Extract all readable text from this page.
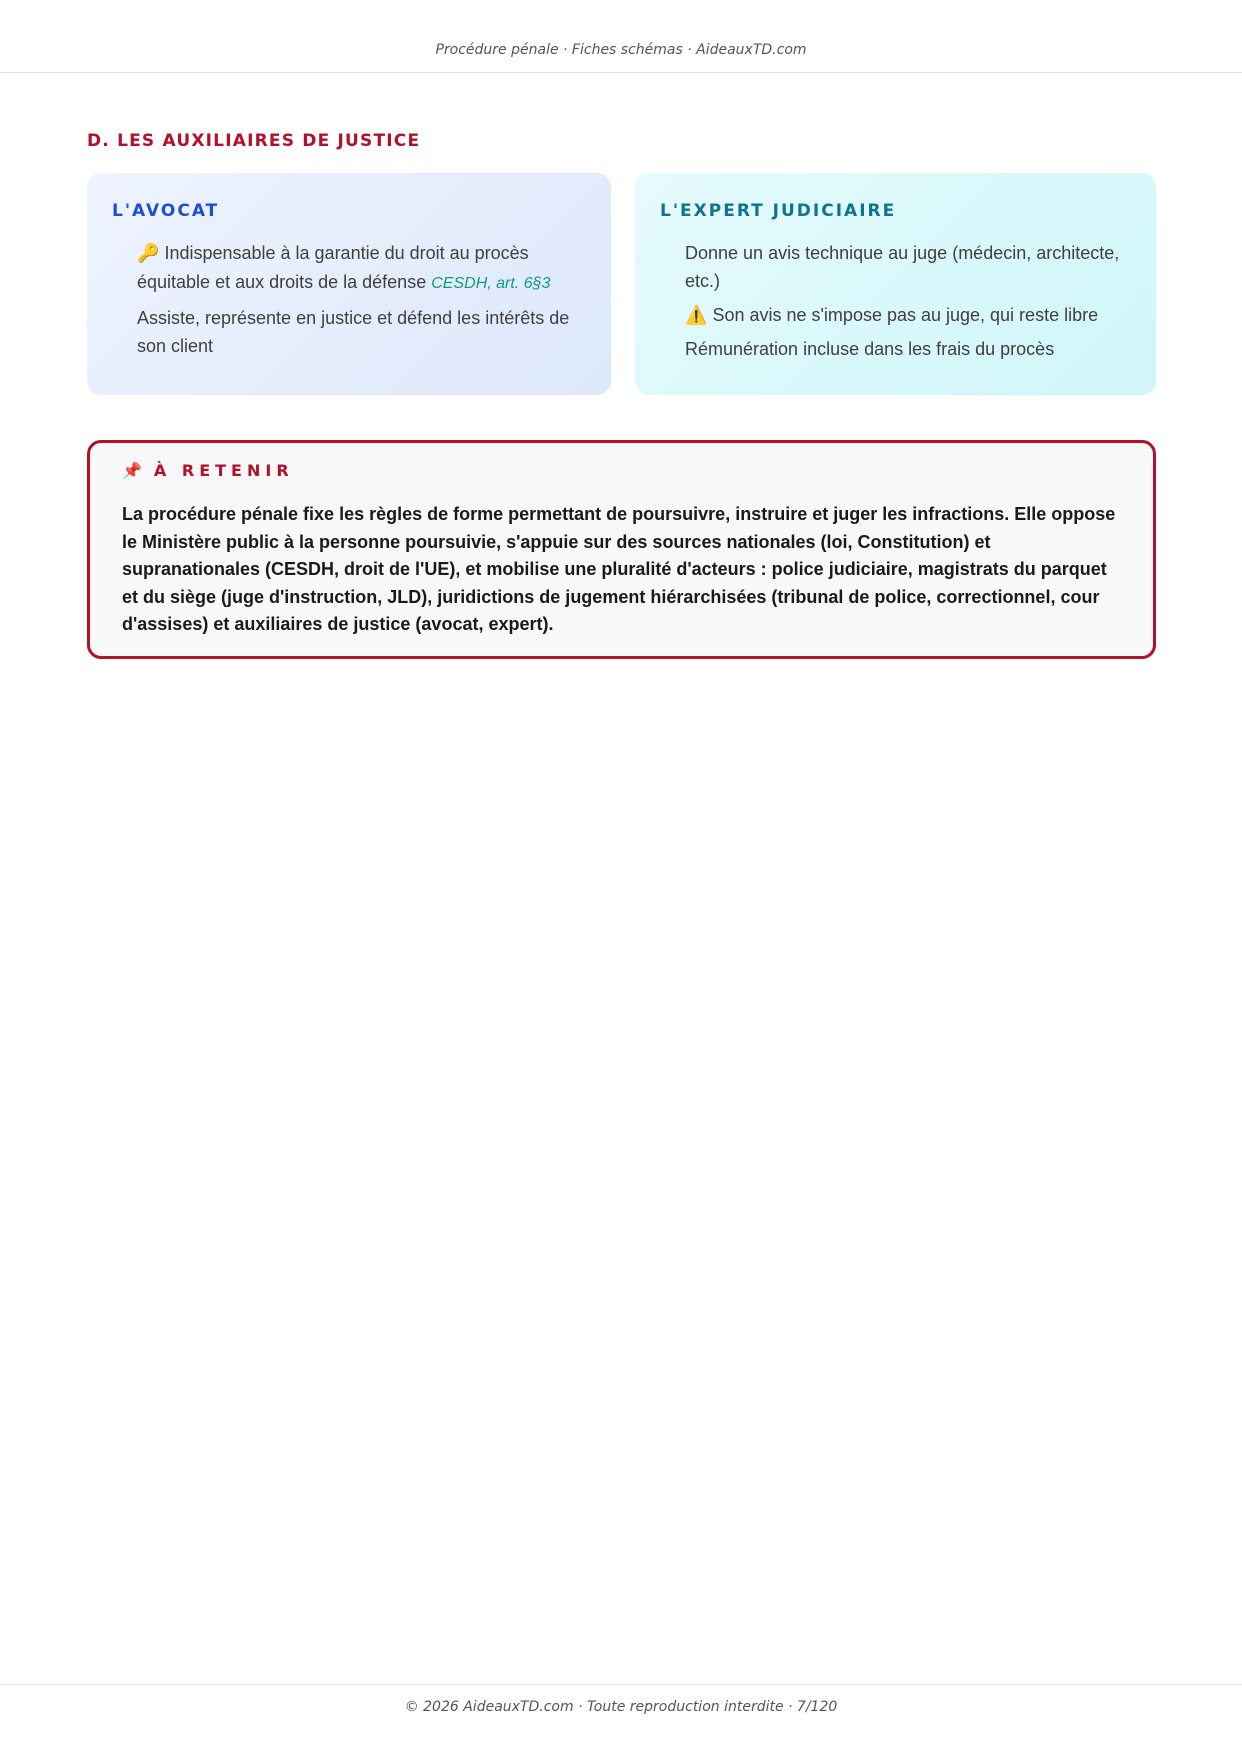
Procédure pénale · Fiches schémas · AideauxTD.com
D. LES AUXILIAIRES DE JUSTICE
L'AVOCAT
🔑 Indispensable à la garantie du droit au procès équitable et aux droits de la défense CESDH, art. 6§3
Assiste, représente en justice et défend les intérêts de son client
L'EXPERT JUDICIAIRE
Donne un avis technique au juge (médecin, architecte, etc.)
⚠️ Son avis ne s'impose pas au juge, qui reste libre
Rémunération incluse dans les frais du procès
📌 À RETENIR

La procédure pénale fixe les règles de forme permettant de poursuivre, instruire et juger les infractions. Elle oppose le Ministère public à la personne poursuivie, s'appuie sur des sources nationales (loi, Constitution) et supranationales (CESDH, droit de l'UE), et mobilise une pluralité d'acteurs : police judiciaire, magistrats du parquet et du siège (juge d'instruction, JLD), juridictions de jugement hiérarchisées (tribunal de police, correctionnel, cour d'assises) et auxiliaires de justice (avocat, expert).

© 2026 AideauxTD.com · Toute reproduction interdite · 7/120
